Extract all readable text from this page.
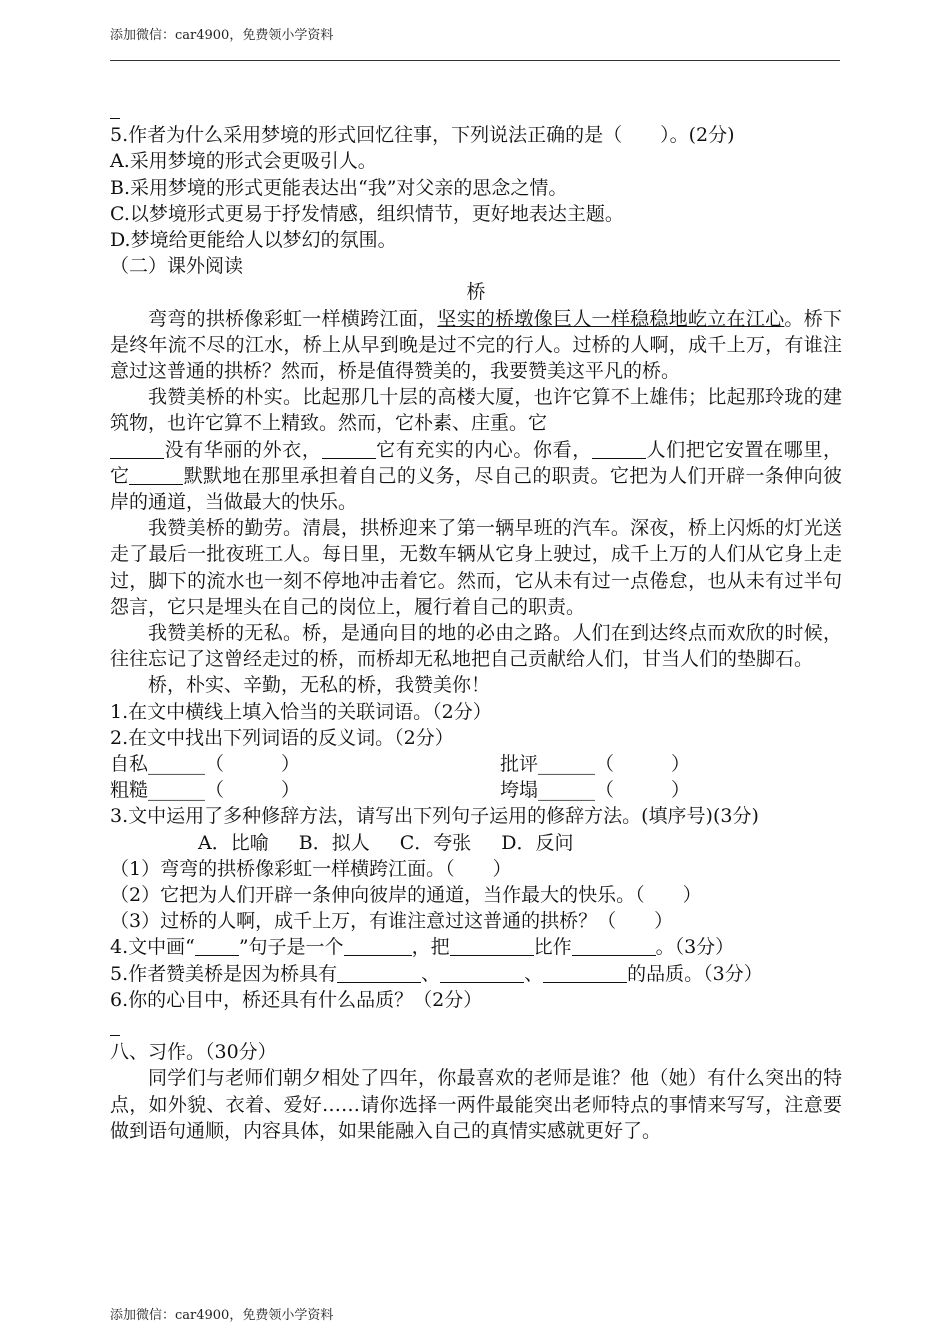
添加微信：car4900，免费领小学资料

5.作者为什么采用梦境的形式回忆往事，下列说法正确的是（　　）。(2分)

A.采用梦境的形式会更吸引人。

B.采用梦境的形式更能表达出“我”对父亲的思念之情。

C.以梦境形式更易于抒发情感，组织情节，更好地表达主题。

D.梦境给更能给人以梦幻的氛围。

（二）课外阅读

桥

弯弯的拱桥像彩虹一样横跨江面，坚实的桥墩像巨人一样稳稳地屹立在江心。桥下是终年流不尽的江水，桥上从早到晚是过不完的行人。过桥的人啊，成千上万，有谁注意过这普通的拱桥？然而，桥是值得赞美的，我要赞美这平凡的桥。

我赞美桥的朴实。比起那几十层的高楼大厦，也许它算不上雄伟；比起那玲珑的建筑物，也许它算不上精致。然而，它朴素、庄重。它
没有华丽的外衣，	它有充实的内心。你看，	人们把它安置在哪里，它	默默地在那里承担着自己的义务，尽自己的职责。它把为人们开辟一条伸向彼岸的通道，当做最大的快乐。

我赞美桥的勤劳。清晨，拱桥迎来了第一辆早班的汽车。深夜，桥上闪烁的灯光送走了最后一批夜班工人。每日里，无数车辆从它身上驶过，成千上万的人们从它身上走过，脚下的流水也一刻不停地冲击着它。然而，它从未有过一点倦怠，也从未有过半句怨言，它只是埋头在自己的岗位上，履行着自己的职责。

我赞美桥的无私。桥，是通向目的地的必由之路。人们在到达终点而欢欣的时候，往往忘记了这曾经走过的桥，而桥却无私地把自己贡献给人们，甘当人们的垫脚石。

桥，朴实、辛勤，无私的桥，我赞美你！

1.在文中横线上填入恰当的关联词语。（2分）

2.在文中找出下列词语的反义词。（2分）

自私______（　　　）	批评______（　　　）
粗糙______（　　　）	垮塌______（　　　）

3.文中运用了多种修辞方法，请写出下列句子运用的修辞方法。(填序号)(3分)

A．比喻 B．拟人 C．夸张 D．反问

（1）弯弯的拱桥像彩虹一样横跨江面。（　　）

（2）它把为人们开辟一条伸向彼岸的通道，当作最大的快乐。（　　）

（3）过桥的人啊，成千上万，有谁注意过这普通的拱桥？（　　）

4.文中画“ ”句子是一个	，把	比作	。（3分）

5.作者赞美桥是因为桥具有	、	、	的品质。（3分）

6.你的心目中，桥还具有什么品质？（2分）

八、习作。（30分）

同学们与老师们朝夕相处了四年，你最喜欢的老师是谁？他（她）有什么突出的特点，如外貌、衣着、爱好……请你选择一两件最能突出老师特点的事情来写写，注意要做到语句通顺，内容具体，如果能融入自己的真情实感就更好了。

添加微信：car4900，免费领小学资料
